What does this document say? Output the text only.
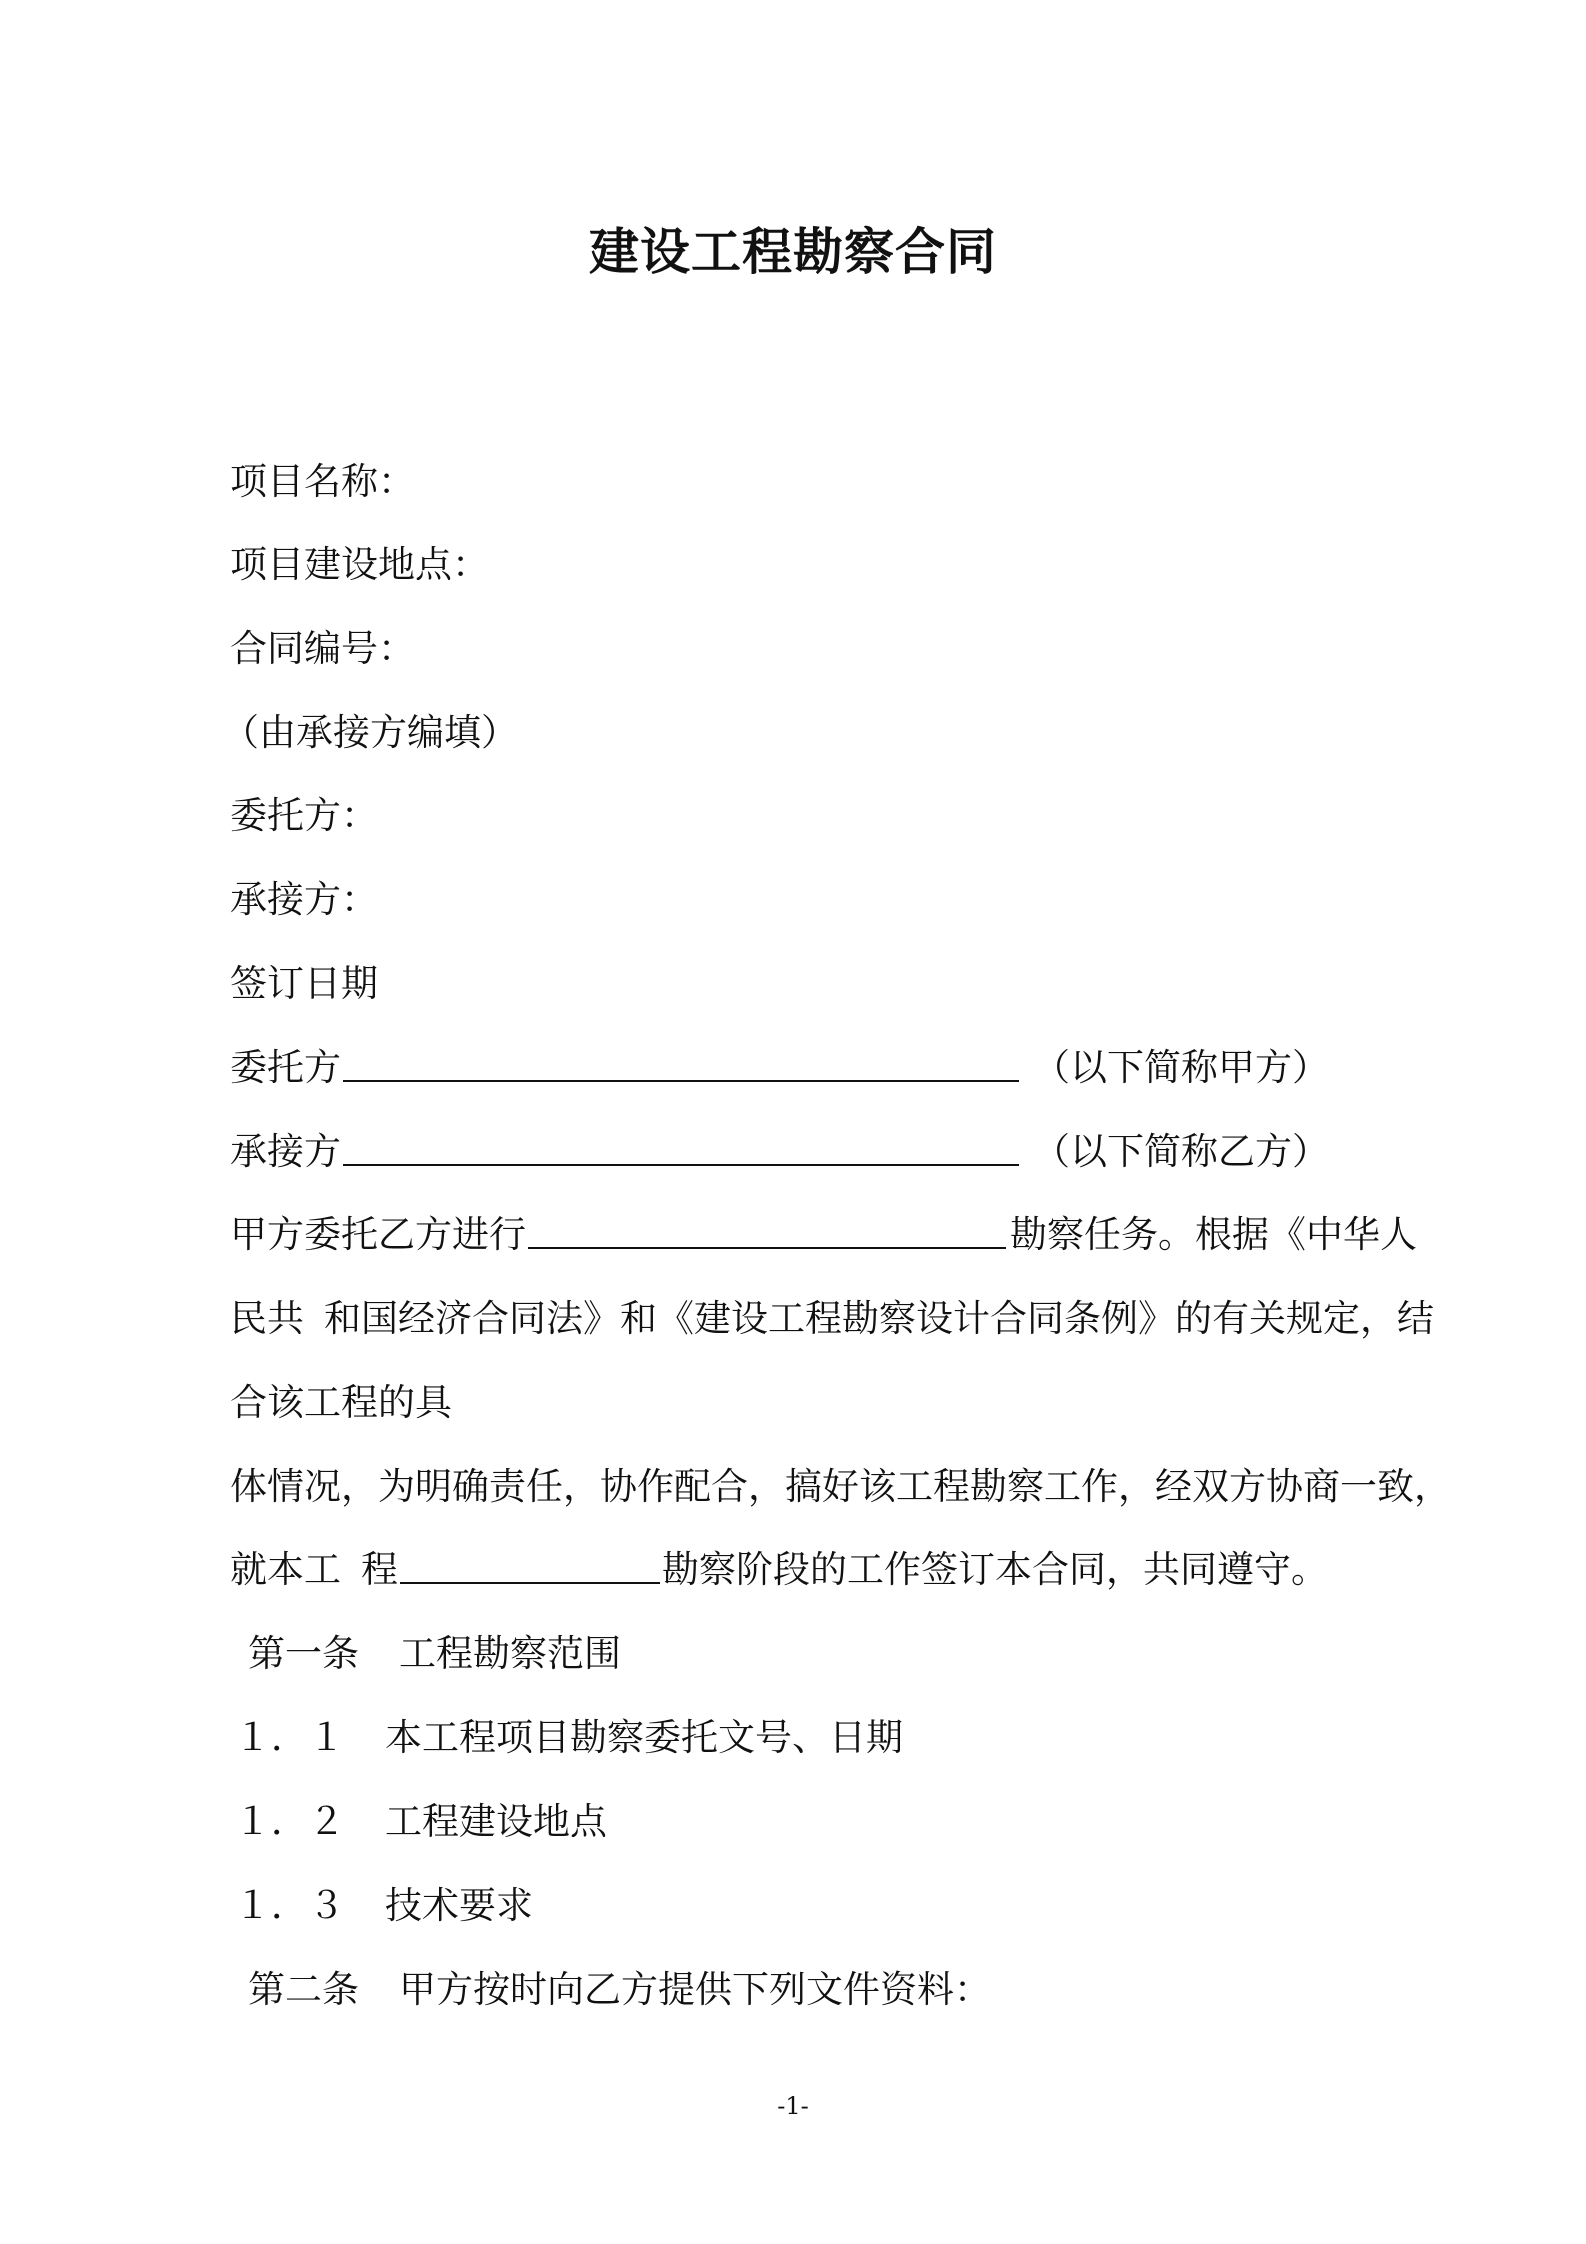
建设工程勘察合同
项目名称：
项目建设地点：
合同编号：
（由承接方编填）
委托方：
承接方：
签订日期
委托方	（以下简称甲方）
承接方	（以下简称乙方）
甲方委托乙方进行	勘察任务。根据《中华人
民共 和国经济合同法》和《建设工程勘察设计合同条例》的有关规定，结
合该工程的具
体情况，为明确责任，协作配合，搞好该工程勘察工作，经双方协商一致，
就本工 程	勘察阶段的工作签订本合同，共同遵守。
第一条 工程勘察范围
１．１ 本工程项目勘察委托文号、日期
１．２ 工程建设地点
１．３ 技术要求
第二条 甲方按时向乙方提供下列文件资料：
-1-
